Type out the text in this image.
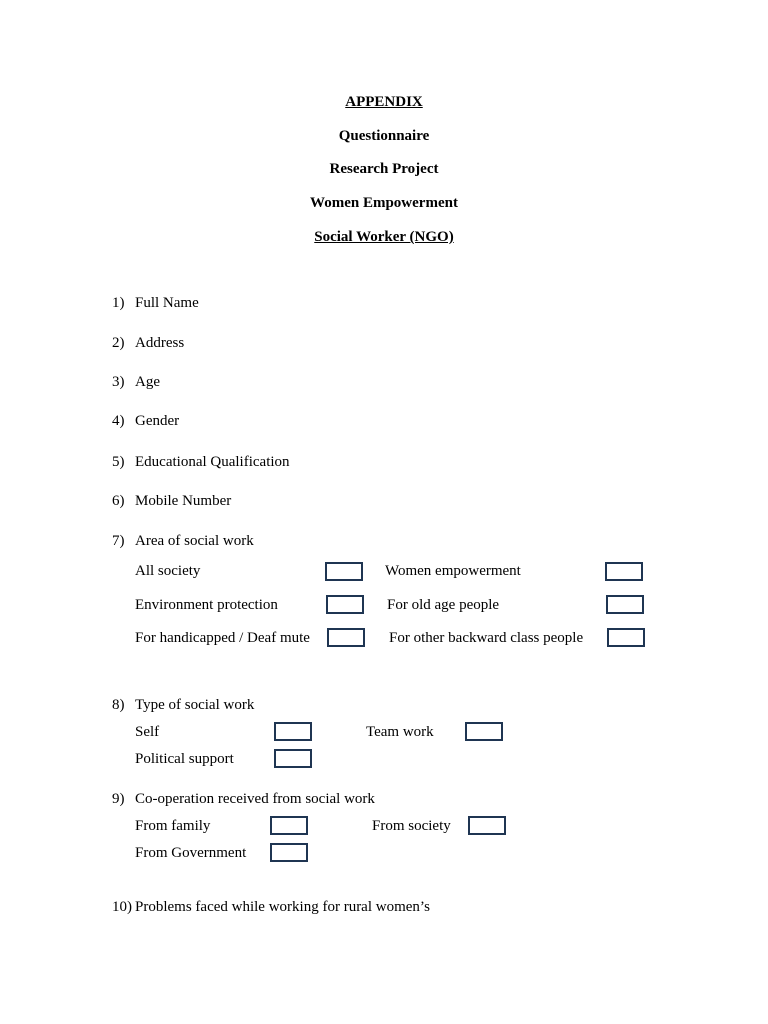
APPENDIX
Questionnaire
Research Project
Women Empowerment
Social Worker (NGO)
1) Full Name
2) Address
3) Age
4) Gender
5) Educational Qualification
6) Mobile Number
7) Area of social work
All society	Women empowerment
Environment protection	For old age people
For handicapped / Deaf mute	For other backward class people
8) Type of social work
Self	Team work
Political support
9) Co-operation received from social work
From family	From society
From Government
10) Problems faced while working for rural women’s
